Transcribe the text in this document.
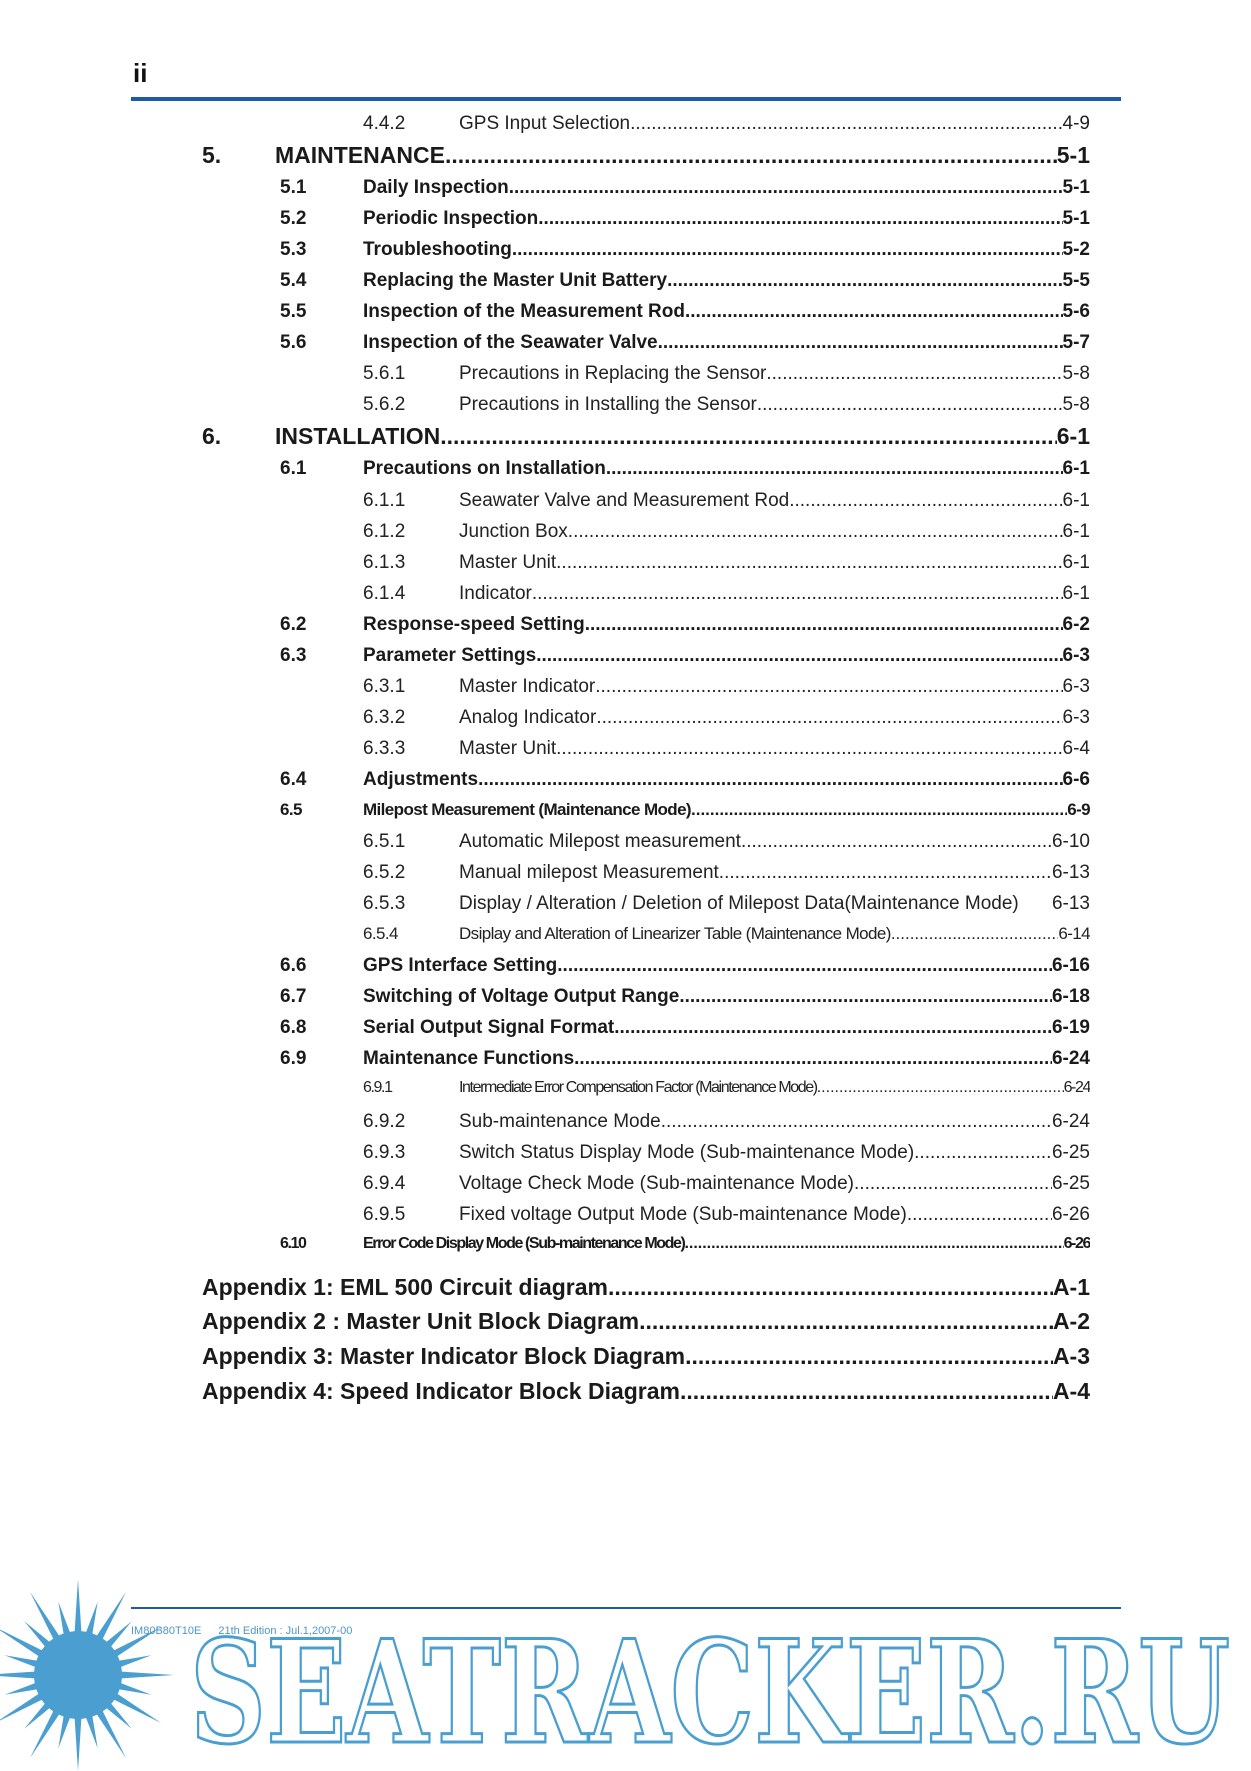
ii
4.4.2	GPS Input Selection .....	4-9
5.	MAINTENANCE .....	5-1
5.1	Daily Inspection .....	5-1
5.2	Periodic Inspection .....	5-1
5.3	Troubleshooting .....	5-2
5.4	Replacing the Master Unit Battery .....	5-5
5.5	Inspection of the Measurement Rod .....	5-6
5.6	Inspection of the Seawater Valve .....	5-7
5.6.1	Precautions in Replacing the Sensor .....	5-8
5.6.2	Precautions in Installing the Sensor .....	5-8
6.	INSTALLATION .....	6-1
6.1	Precautions on Installation .....	6-1
6.1.1	Seawater Valve and Measurement Rod .....	6-1
6.1.2	Junction Box .....	6-1
6.1.3	Master Unit .....	6-1
6.1.4	Indicator .....	6-1
6.2	Response-speed Setting .....	6-2
6.3	Parameter Settings .....	6-3
6.3.1	Master Indicator .....	6-3
6.3.2	Analog Indicator .....	6-3
6.3.3	Master Unit .....	6-4
6.4	Adjustments .....	6-6
6.5	Milepost Measurement (Maintenance Mode) .....	6-9
6.5.1	Automatic Milepost measurement .....	6-10
6.5.2	Manual milepost Measurement .....	6-13
6.5.3	Display / Alteration / Deletion of Milepost Data(Maintenance Mode) 6-13
6.5.4	Dsiplay and Alteration of Linearizer Table (Maintenance Mode) .....	6-14
6.6	GPS Interface Setting .....	6-16
6.7	Switching of Voltage Output Range .....	6-18
6.8	Serial Output Signal Format .....	6-19
6.9	Maintenance Functions .....	6-24
6.9.1	Intermediate Error Compensation Factor (Maintenance Mode) .....	6-24
6.9.2	Sub-maintenance Mode .....	6-24
6.9.3	Switch Status Display Mode (Sub-maintenance Mode) .....	6-25
6.9.4	Voltage Check Mode (Sub-maintenance Mode) .....	6-25
6.9.5	Fixed voltage Output Mode (Sub-maintenance Mode) .....	6-26
6.10	Error Code Display Mode (Sub-maintenance Mode) .....	6-26
Appendix 1: EML 500 Circuit diagram .....	A-1
Appendix 2 : Master Unit Block Diagram .....	A-2
Appendix 3: Master Indicator Block Diagram .....	A-3
Appendix 4: Speed Indicator Block Diagram .....	A-4
IM80B80T10E 21th Edition : Jul.1,2007-00
SEATRACKER.RU
